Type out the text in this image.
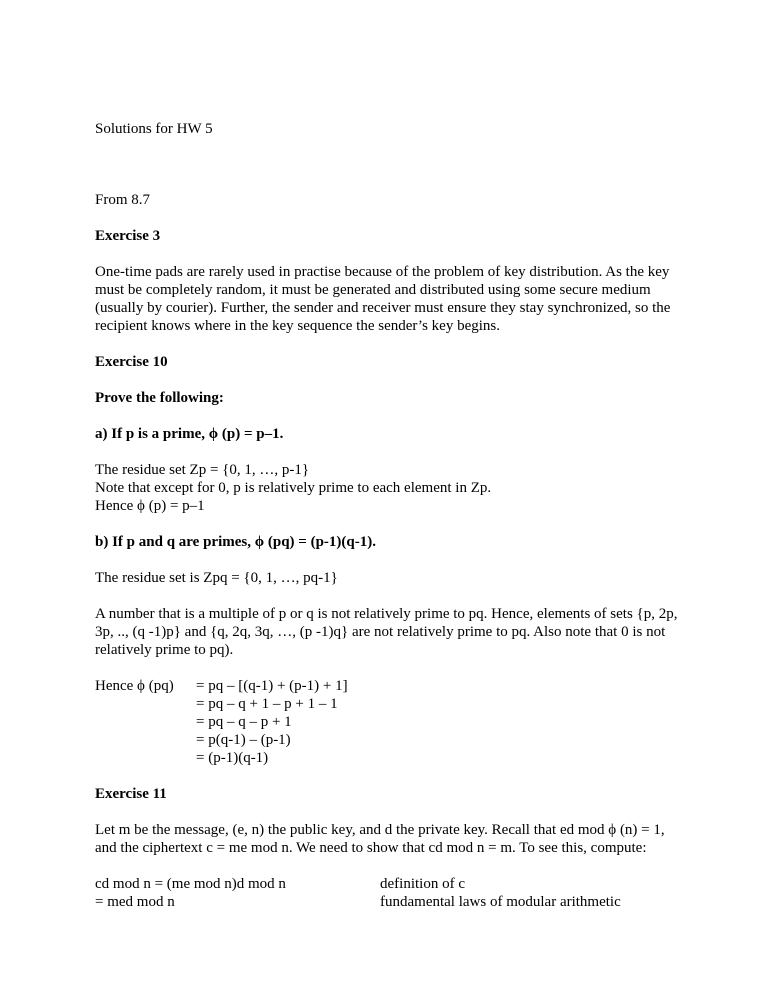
Solutions for HW 5
From 8.7
Exercise 3
One-time pads are rarely used in practise because of the problem of key distribution. As the key
must be completely random, it must be generated and distributed using some secure medium
(usually by courier). Further, the sender and receiver must ensure they stay synchronized, so the
recipient knows where in the key sequence the sender’s key begins.
Exercise 10
Prove the following:
a) If p is a prime, ϕ (p) = p–1.
The residue set Zp = {0, 1, …, p-1}
Note that except for 0, p is relatively prime to each element in Zp.
Hence ϕ (p) = p–1
b) If p and q are primes, ϕ (pq) = (p-1)(q-1).
The residue set is Zpq = {0, 1, …, pq-1}
A number that is a multiple of p or q is not relatively prime to pq. Hence, elements of sets {p, 2p,
3p, .., (q -1)p} and {q, 2q, 3q, …, (p -1)q} are not relatively prime to pq. Also note that 0 is not
relatively prime to pq).
Hence ϕ (pq) = pq – [(q-1) + (p-1) + 1]
= pq – q + 1 – p + 1 – 1
= pq – q – p + 1
= p(q-1) – (p-1)
= (p-1)(q-1)
Exercise 11
Let m be the message, (e, n) the public key, and d the private key. Recall that ed mod ϕ (n) = 1,
and the ciphertext c = me mod n. We need to show that cd mod n = m. To see this, compute:
cd mod n = (me mod n)d mod n	definition of c
= med mod n	fundamental laws of modular arithmetic
